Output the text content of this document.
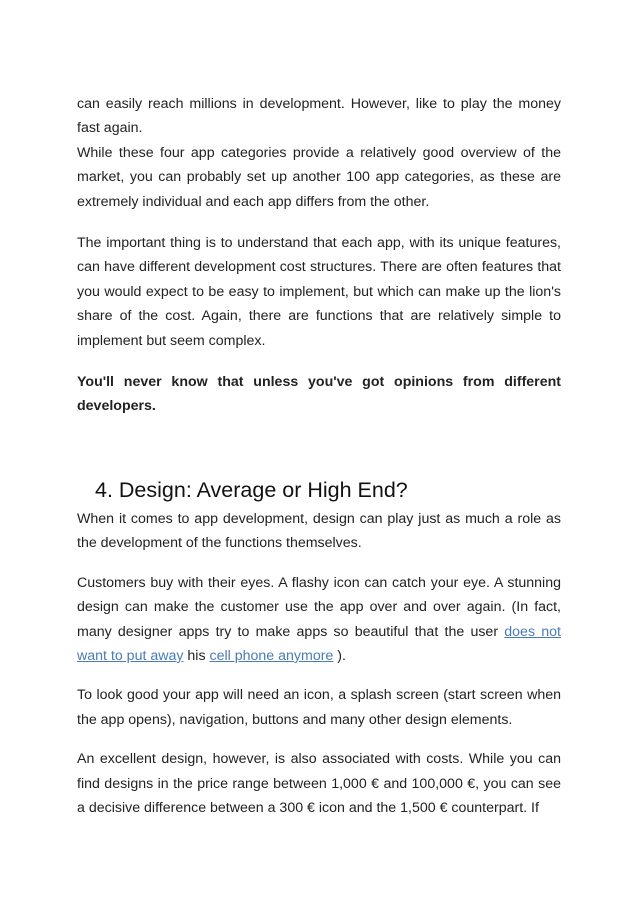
can easily reach millions in development. However, like to play the money fast again.

While these four app categories provide a relatively good overview of the market, you can probably set up another 100 app categories, as these are extremely individual and each app differs from the other.

The important thing is to understand that each app, with its unique features, can have different development cost structures. There are often features that you would expect to be easy to implement, but which can make up the lion's share of the cost. Again, there are functions that are relatively simple to implement but seem complex.

You'll never know that unless you've got opinions from different developers.

4. Design: Average or High End?

When it comes to app development, design can play just as much a role as the development of the functions themselves.

Customers buy with their eyes. A flashy icon can catch your eye. A stunning design can make the customer use the app over and over again. (In fact, many designer apps try to make apps so beautiful that the user does not want to put away his cell phone anymore ).

To look good your app will need an icon, a splash screen (start screen when the app opens), navigation, buttons and many other design elements.

An excellent design, however, is also associated with costs. While you can find designs in the price range between 1,000 € and 100,000 €, you can see a decisive difference between a 300 € icon and the 1,500 € counterpart. If
